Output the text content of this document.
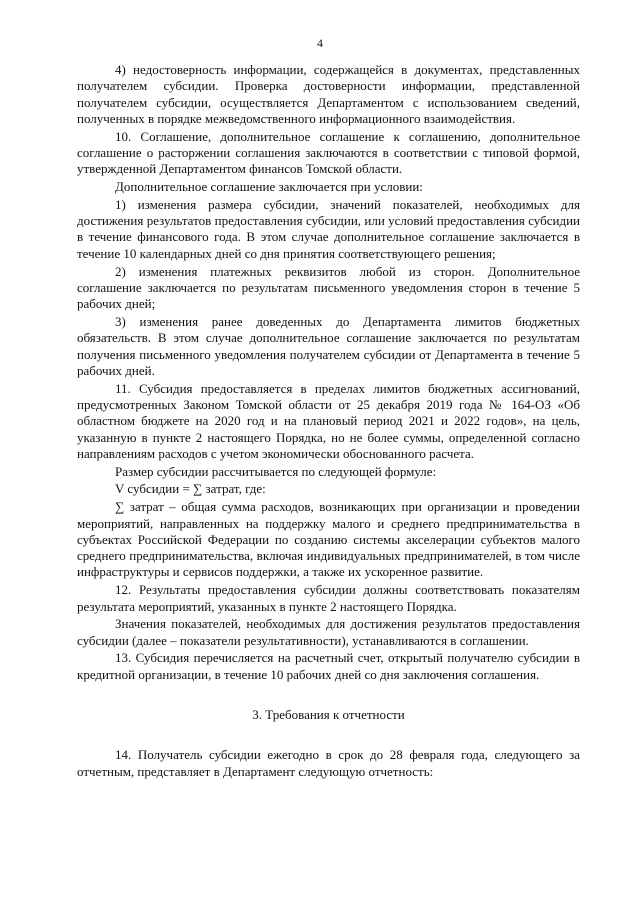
4

4) недостоверность информации, содержащейся в документах, представленных получателем субсидии. Проверка достоверности информации, представленной получателем субсидии, осуществляется Департаментом с использованием сведений, полученных в порядке межведомственного информационного взаимодействия.

10. Соглашение, дополнительное соглашение к соглашению, дополнительное соглашение о расторжении соглашения заключаются в соответствии с типовой формой, утвержденной Департаментом финансов Томской области.

Дополнительное соглашение заключается при условии:

1) изменения размера субсидии, значений показателей, необходимых для достижения результатов предоставления субсидии, или условий предоставления субсидии в течение финансового года. В этом случае дополнительное соглашение заключается в течение 10 календарных дней со дня принятия соответствующего решения;

2) изменения платежных реквизитов любой из сторон. Дополнительное соглашение заключается по результатам письменного уведомления сторон в течение 5 рабочих дней;

3) изменения ранее доведенных до Департамента лимитов бюджетных обязательств. В этом случае дополнительное соглашение заключается по результатам получения письменного уведомления получателем субсидии от Департамента в течение 5 рабочих дней.

11. Субсидия предоставляется в пределах лимитов бюджетных ассигнований, предусмотренных Законом Томской области от 25 декабря 2019 года № 164-ОЗ «Об областном бюджете на 2020 год и на плановый период 2021 и 2022 годов», на цель, указанную в пункте 2 настоящего Порядка, но не более суммы, определенной согласно направлениям расходов с учетом экономически обоснованного расчета.

Размер субсидии рассчитывается по следующей формуле:

V субсидии = ∑ затрат, где:

∑ затрат – общая сумма расходов, возникающих при организации и проведении мероприятий, направленных на поддержку малого и среднего предпринимательства в субъектах Российской Федерации по созданию системы акселерации субъектов малого среднего предпринимательства, включая индивидуальных предпринимателей, в том числе инфраструктуры и сервисов поддержки, а также их ускоренное развитие.

12. Результаты предоставления субсидии должны соответствовать показателям результата мероприятий, указанных в пункте 2 настоящего Порядка.

Значения показателей, необходимых для достижения результатов предоставления субсидии (далее – показатели результативности), устанавливаются в соглашении.

13. Субсидия перечисляется на расчетный счет, открытый получателю субсидии в кредитной организации, в течение 10 рабочих дней со дня заключения соглашения.

3. Требования к отчетности

14. Получатель субсидии ежегодно в срок до 28 февраля года, следующего за отчетным, представляет в Департамент следующую отчетность:
